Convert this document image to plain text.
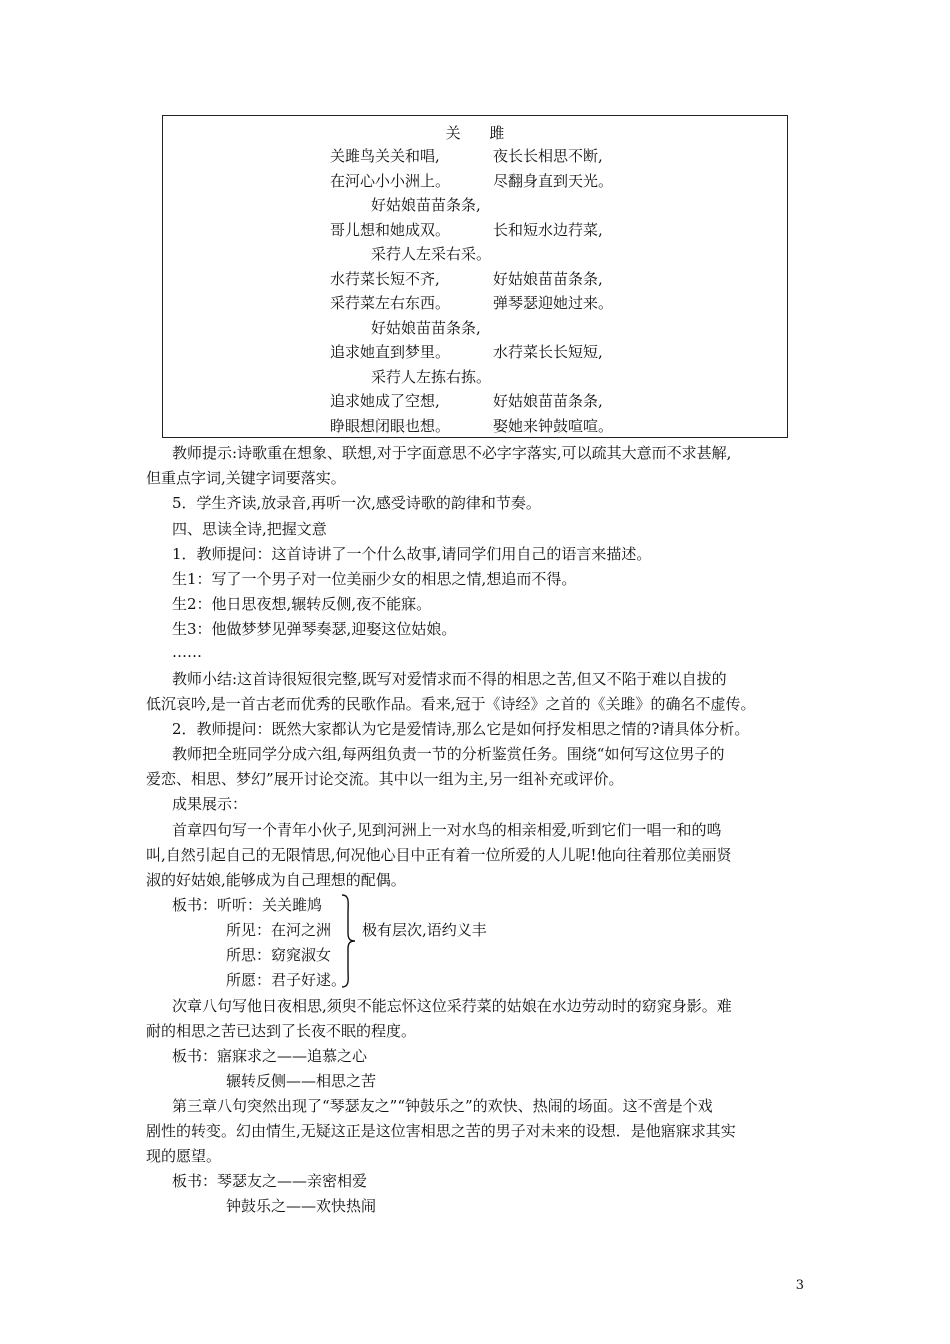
关 雎
关雎鸟关关和唱,	夜长长相思不断,
在河心小小洲上。	尽翻身直到天光。
好姑娘苗苗条条,
哥儿想和她成双。	长和短水边荇菜,
采荇人左采右采。
水荇菜长短不齐,	好姑娘苗苗条条,
采荇菜左右东西。	弹琴瑟迎她过来。
好姑娘苗苗条条,
追求她直到梦里。	水荇菜长长短短,
采荇人左拣右拣。
追求她成了空想,	好姑娘苗苗条条,
睁眼想闭眼也想。	娶她来钟鼓喧喧。
教师提示:诗歌重在想象、联想,对于字面意思不必字字落实,可以疏其大意而不求甚解,
但重点字词,关键字词要落实。
5．学生齐读,放录音,再听一次,感受诗歌的韵律和节奏。
四、思读全诗,把握文意
1．教师提问：这首诗讲了一个什么故事,请同学们用自己的语言来描述。
生1：写了一个男子对一位美丽少女的相思之情,想追而不得。
生2：他日思夜想,辗转反侧,夜不能寐。
生3：他做梦梦见弹琴奏瑟,迎娶这位姑娘。
……
教师小结:这首诗很短很完整,既写对爱情求而不得的相思之苦,但又不陷于难以自拔的
低沉哀吟,是一首古老而优秀的民歌作品。看来,冠于《诗经》之首的《关雎》的确名不虚传。
2．教师提问：既然大家都认为它是爱情诗,那么它是如何抒发相思之情的?请具体分析。
教师把全班同学分成六组,每两组负责一节的分析鉴赏任务。围绕“如何写这位男子的
爱恋、相思、梦幻”展开讨论交流。其中以一组为主,另一组补充或评价。
成果展示：
首章四句写一个青年小伙子,见到河洲上一对水鸟的相亲相爱,听到它们一唱一和的鸣
叫,自然引起自己的无限情思,何况他心目中正有着一位所爱的人儿呢!他向往着那位美丽贤
淑的好姑娘,能够成为自己理想的配偶。
板书：听听：关关雎鸠
所见：在河之洲
所思：窈窕淑女
所愿：君子好逑。
极有层次,语约义丰
次章八句写他日夜相思,须臾不能忘怀这位采荇菜的姑娘在水边劳动时的窈窕身影。难
耐的相思之苦已达到了长夜不眠的程度。
板书：寤寐求之——追慕之心
辗转反侧——相思之苦
第三章八句突然出现了“琴瑟友之”“钟鼓乐之”的欢快、热闹的场面。这不啻是个戏
剧性的转变。幻由情生,无疑这正是这位害相思之苦的男子对未来的设想．是他寤寐求其实
现的愿望。
板书：琴瑟友之——亲密相爱
钟鼓乐之——欢快热闹
3
